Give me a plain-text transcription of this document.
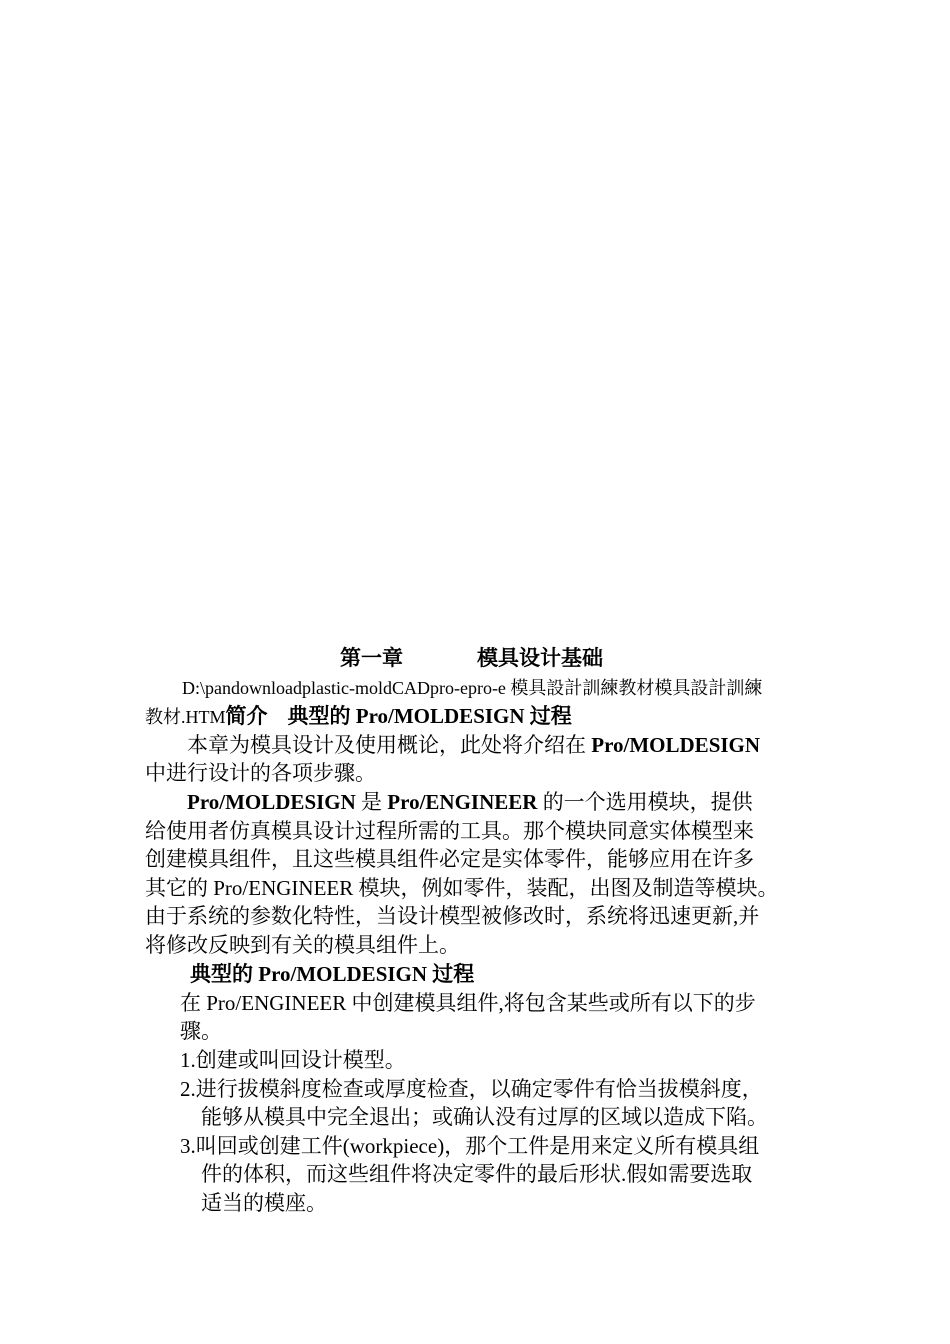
第一章	模具设计基础
D:\pandownloadplastic-moldCADpro-epro-e 模具設計訓練教材模具設計訓練
教材.HTM简介 典型的 Pro/MOLDESIGN 过程
本章为模具设计及使用概论，此处将介绍在 Pro/MOLDESIGN
中进行设计的各项步骤。
Pro/MOLDESIGN 是 Pro/ENGINEER 的一个选用模块，提供
给使用者仿真模具设计过程所需的工具。那个模块同意实体模型来
创建模具组件，且这些模具组件必定是实体零件，能够应用在许多
其它的 Pro/ENGINEER 模块，例如零件，装配，出图及制造等模块。
由于系统的参数化特性，当设计模型被修改时，系统将迅速更新,并
将修改反映到有关的模具组件上。
典型的 Pro/MOLDESIGN 过程
在 Pro/ENGINEER 中创建模具组件,将包含某些或所有以下的步
骤。
1.创建或叫回设计模型。
2.进行拔模斜度检查或厚度检查，以确定零件有恰当拔模斜度，
能够从模具中完全退出；或确认没有过厚的区域以造成下陷。
3.叫回或创建工件(workpiece)，那个工件是用来定义所有模具组
件的体积，而这些组件将决定零件的最后形状.假如需要选取
适当的模座。
